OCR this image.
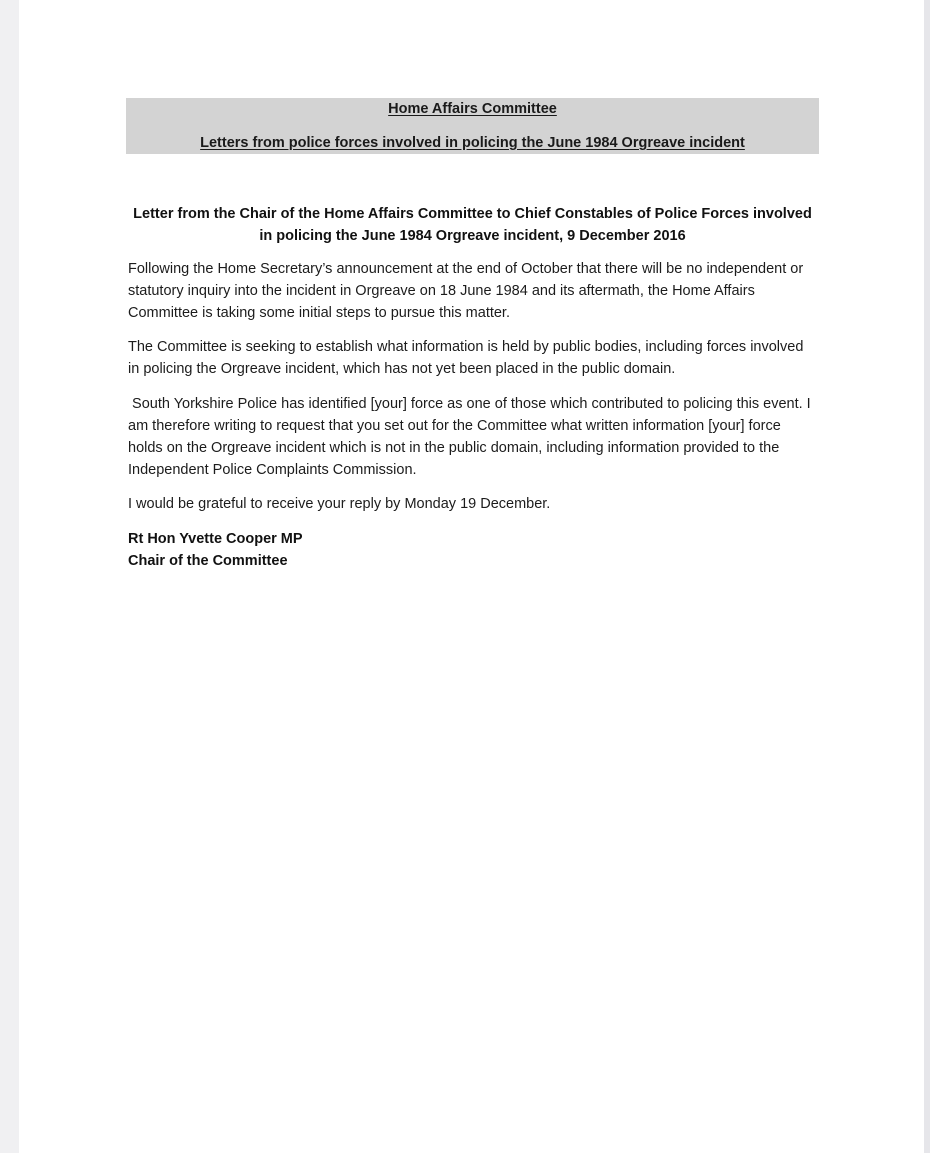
Home Affairs Committee
Letters from police forces involved in policing the June 1984 Orgreave incident
Letter from the Chair of the Home Affairs Committee to Chief Constables of Police Forces involved in policing the June 1984 Orgreave incident, 9 December 2016

Following the Home Secretary’s announcement at the end of October that there will be no independent or statutory inquiry into the incident in Orgreave on 18 June 1984 and its aftermath, the Home Affairs Committee is taking some initial steps to pursue this matter.

The Committee is seeking to establish what information is held by public bodies, including forces involved in policing the Orgreave incident, which has not yet been placed in the public domain.

South Yorkshire Police has identified [your] force as one of those which contributed to policing this event. I am therefore writing to request that you set out for the Committee what written information [your] force holds on the Orgreave incident which is not in the public domain, including information provided to the Independent Police Complaints Commission.

I would be grateful to receive your reply by Monday 19 December.

Rt Hon Yvette Cooper MP
Chair of the Committee
